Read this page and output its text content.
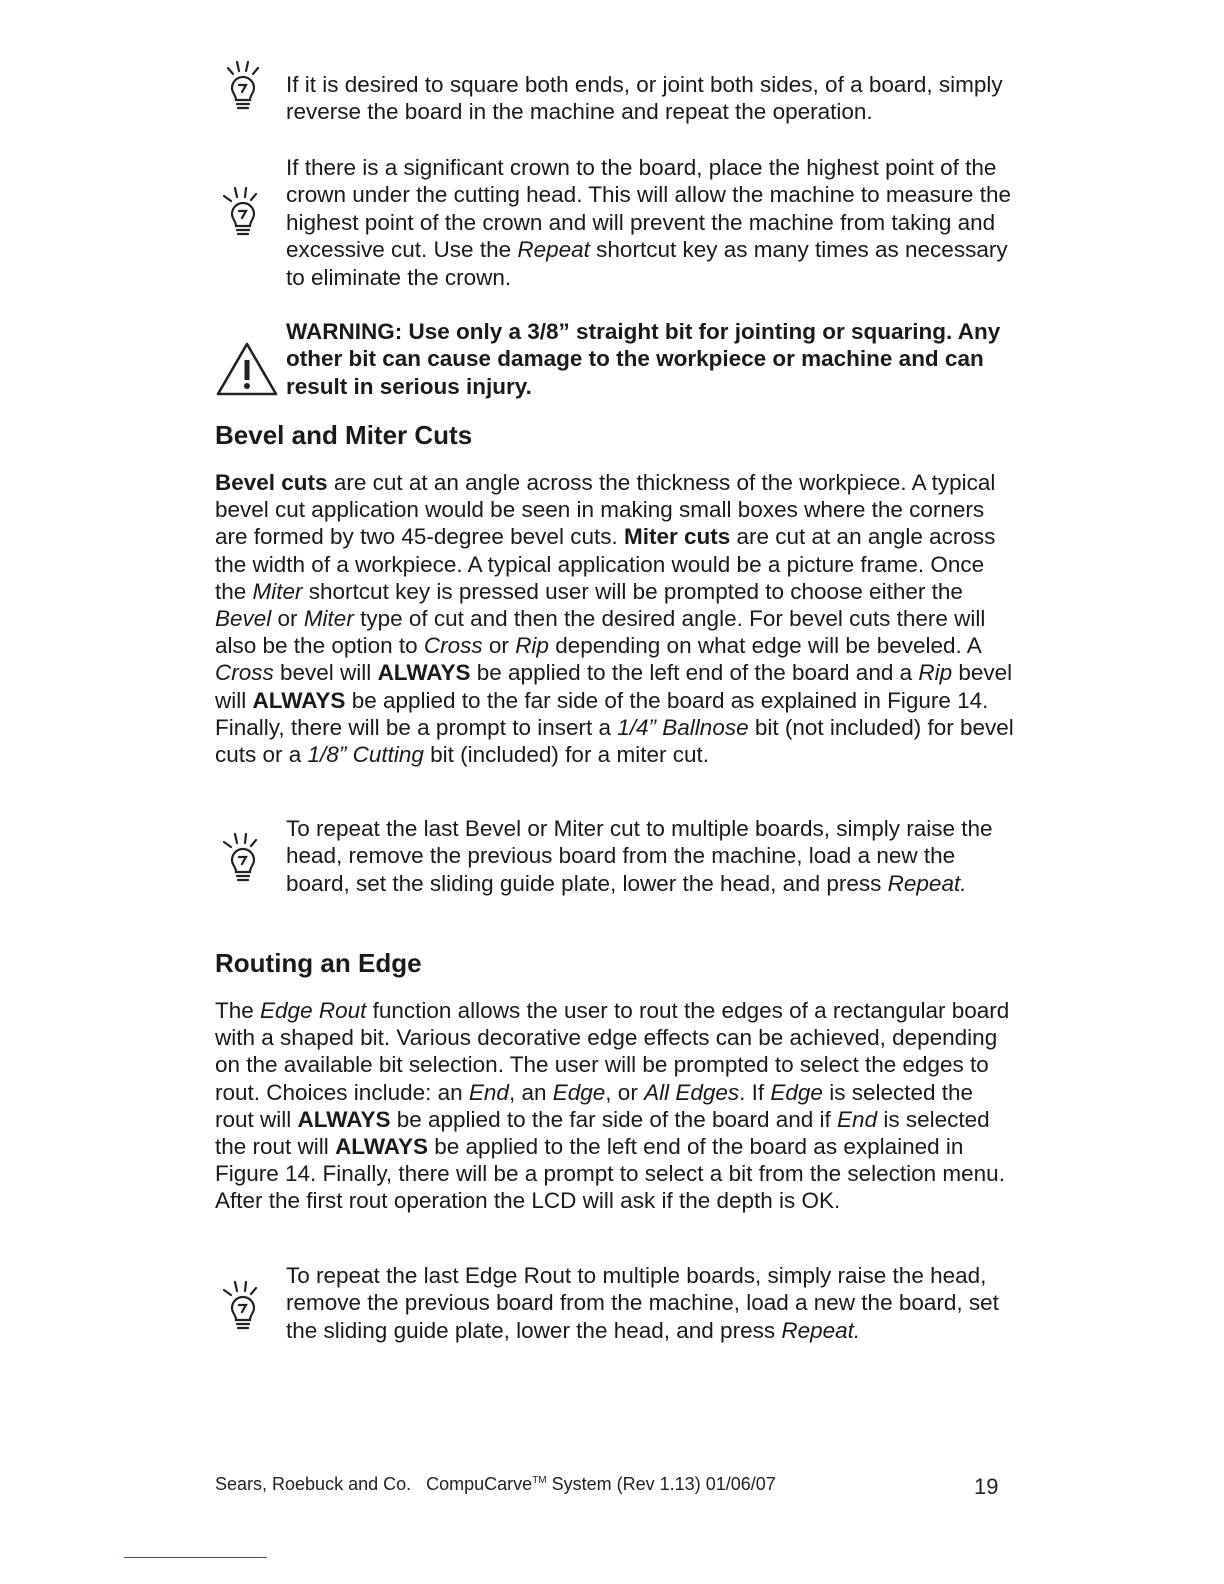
If it is desired to square both ends, or joint both sides, of a board, simply reverse the board in the machine and repeat the operation.
If there is a significant crown to the board, place the highest point of the crown under the cutting head. This will allow the machine to measure the highest point of the crown and will prevent the machine from taking and excessive cut. Use the Repeat shortcut key as many times as necessary to eliminate the crown.
WARNING: Use only a 3/8” straight bit for jointing or squaring. Any other bit can cause damage to the workpiece or machine and can result in serious injury.
Bevel and Miter Cuts
Bevel cuts are cut at an angle across the thickness of the workpiece. A typical bevel cut application would be seen in making small boxes where the corners are formed by two 45-degree bevel cuts. Miter cuts are cut at an angle across the width of a workpiece. A typical application would be a picture frame. Once the Miter shortcut key is pressed user will be prompted to choose either the Bevel or Miter type of cut and then the desired angle. For bevel cuts there will also be the option to Cross or Rip depending on what edge will be beveled. A Cross bevel will ALWAYS be applied to the left end of the board and a Rip bevel will ALWAYS be applied to the far side of the board as explained in Figure 14. Finally, there will be a prompt to insert a 1/4” Ballnose bit (not included) for bevel cuts or a 1/8” Cutting bit (included) for a miter cut.
To repeat the last Bevel or Miter cut to multiple boards, simply raise the head, remove the previous board from the machine, load a new the board, set the sliding guide plate, lower the head, and press Repeat.
Routing an Edge
The Edge Rout function allows the user to rout the edges of a rectangular board with a shaped bit. Various decorative edge effects can be achieved, depending on the available bit selection. The user will be prompted to select the edges to rout. Choices include: an End, an Edge, or All Edges. If Edge is selected the rout will ALWAYS be applied to the far side of the board and if End is selected the rout will ALWAYS be applied to the left end of the board as explained in Figure 14. Finally, there will be a prompt to select a bit from the selection menu. After the first rout operation the LCD will ask if the depth is OK.
To repeat the last Edge Rout to multiple boards, simply raise the head, remove the previous board from the machine, load a new the board, set the sliding guide plate, lower the head, and press Repeat.
Sears, Roebuck and Co. CompuCarve™ System (Rev 1.13) 01/06/07	19
